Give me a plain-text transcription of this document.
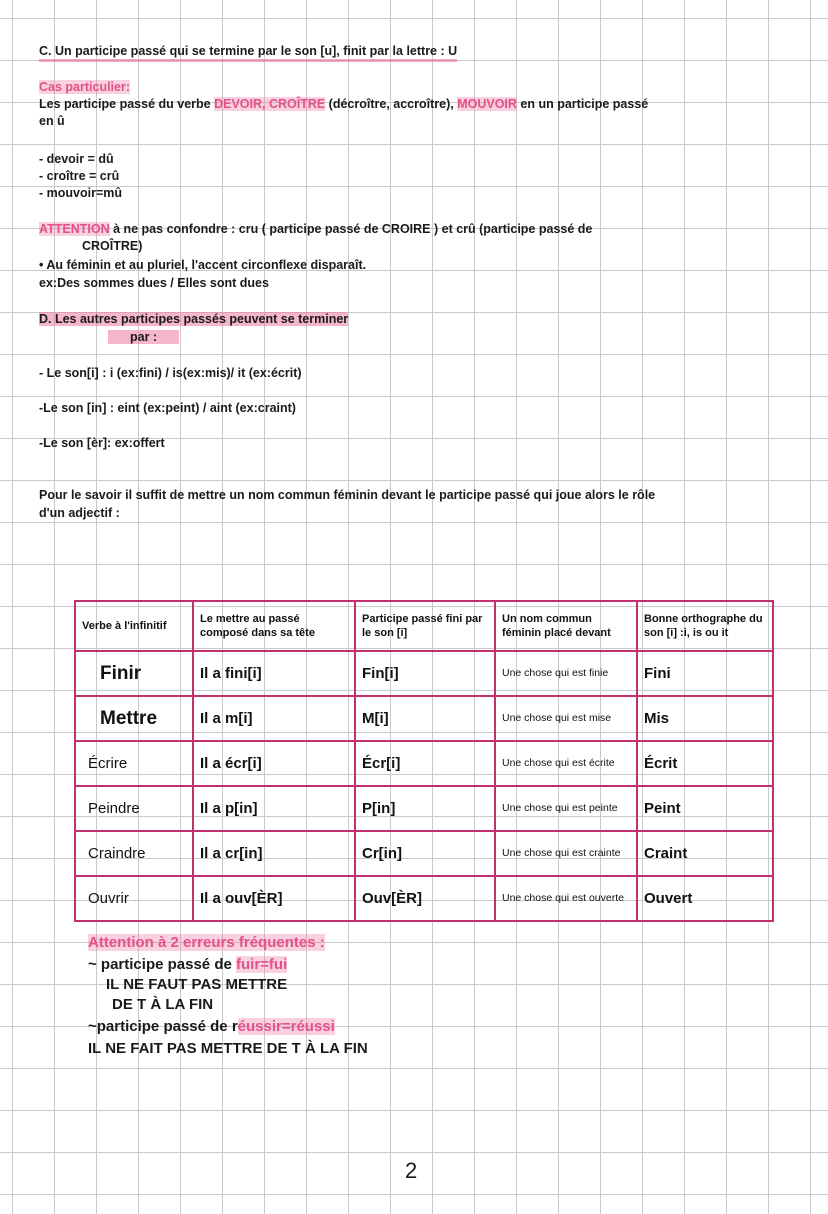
C. Un participe passé qui se termine par le son [u], finit par la lettre : U
Cas particulier:
Les participe passé du verbe DEVOIR, CROÎTRE (décroître, accroître), MOUVOIR en un participe passé
en û
- devoir = dû
- croître = crû
- mouvoir=mû
ATTENTION à ne pas confondre : cru ( participe passé de CROIRE ) et crû (participe passé de
CROÎTRE)
• Au féminin et au pluriel, l'accent circonflexe disparaît.
ex:Des sommes dues / Elles sont dues
D. Les autres participes passés peuvent se terminer
par :
- Le son[i] : i (ex:fini) / is(ex:mis)/ it (ex:écrit)
-Le son [in] : eint (ex:peint) / aint (ex:craint)
-Le son [èr]: ex:offert
Pour le savoir il suffit de mettre un nom commun féminin devant le participe passé qui joue alors le rôle
d'un adjectif :
Verbe à l'infinitif	Le mettre au passé composé dans sa tête	Participe passé fini par le son [i]	Un nom commun féminin placé devant	Bonne orthographe du son [i] :i, is ou it
Finir	Il a fini[i]	Fin[i]	Une chose qui est finie	Fini
Mettre	Il a m[i]	M[i]	Une chose qui est mise	Mis
Écrire	Il a écr[i]	Écr[i]	Une chose qui est écrite	Écrit
Peindre	Il a p[in]	P[in]	Une chose qui est peinte	Peint
Craindre	Il a cr[in]	Cr[in]	Une chose qui est crainte	Craint
Ouvrir	Il a ouv[ÈR]	Ouv[ÈR]	Une chose qui est ouverte	Ouvert
Attention à 2 erreurs fréquentes :
~ participe passé de fuir=fui
IL NE FAUT PAS METTRE
DE T À LA FIN
~participe passé de réussir=réussi
IL NE FAIT PAS METTRE DE T À LA FIN
2
